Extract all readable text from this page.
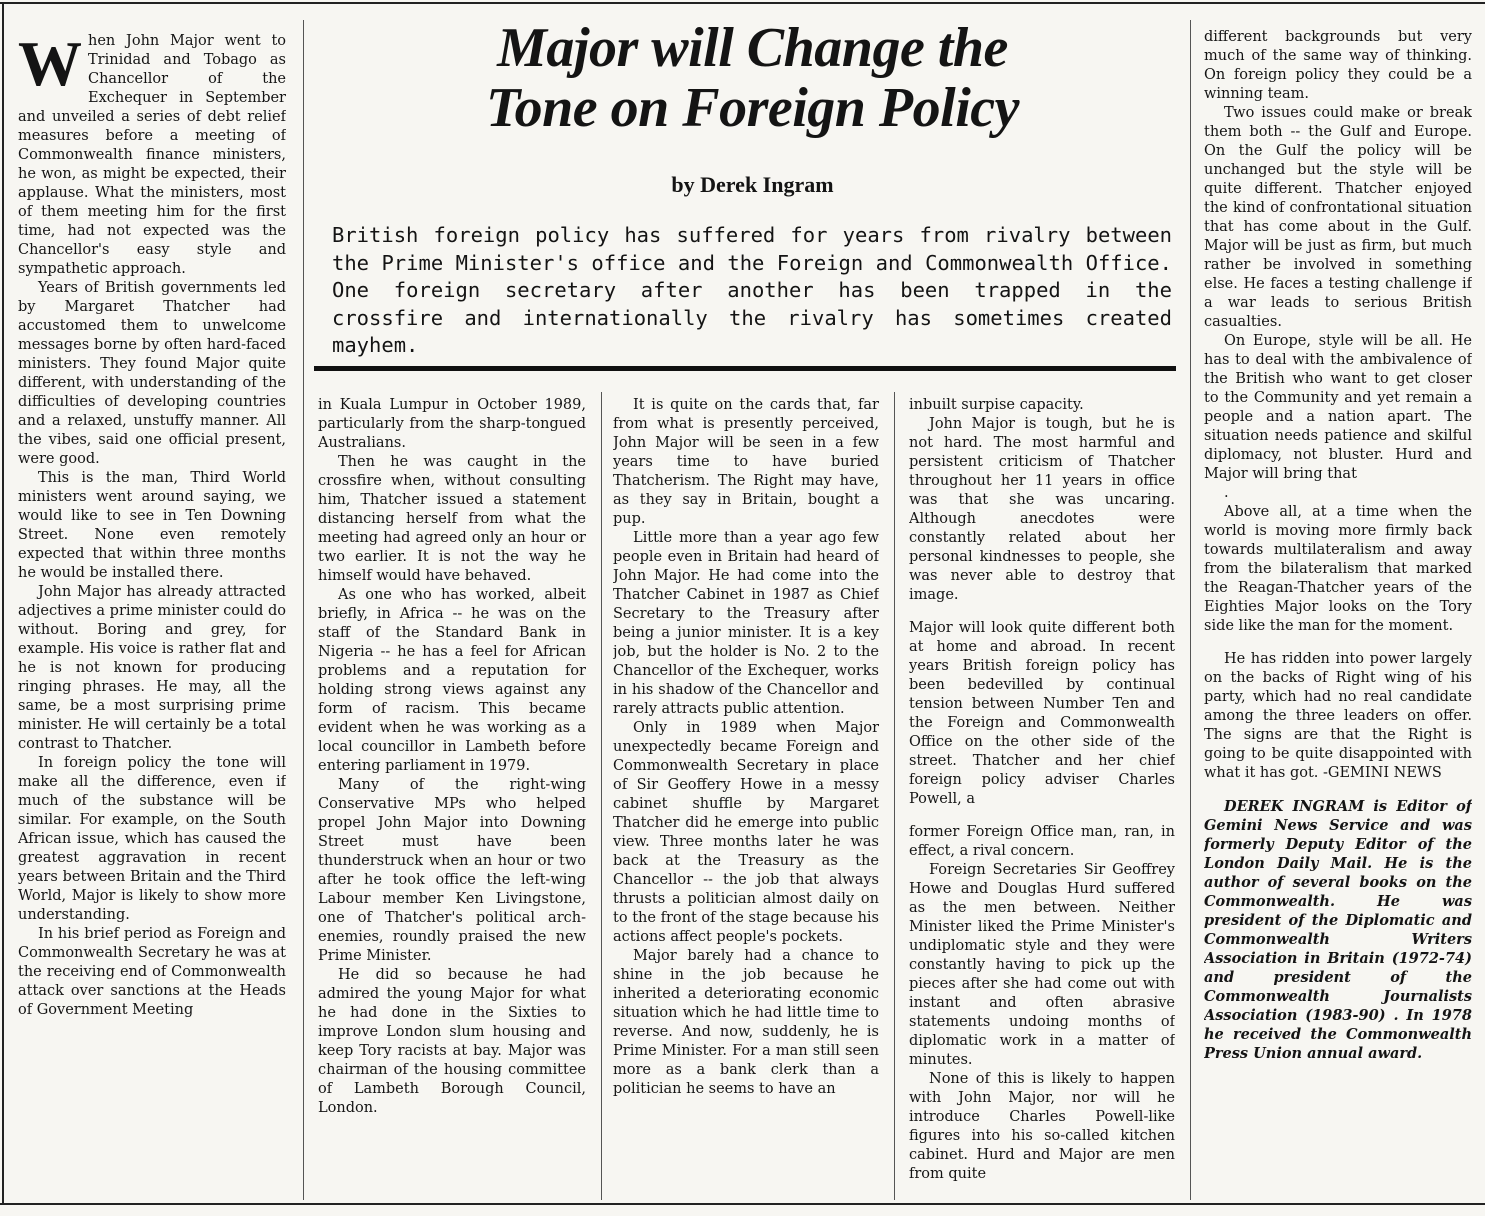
When John Major went to Trinidad and Tobago as Chancellor of the Exchequer in September and unveiled a series of debt relief measures before a meeting of Commonwealth finance ministers, he won, as might be expected, their applause. What the ministers, most of them meeting him for the first time, had not expected was the Chancellor's easy style and sympathetic approach.

Years of British governments led by Margaret Thatcher had accustomed them to unwelcome messages borne by often hard-faced ministers. They found Major quite different, with understanding of the difficulties of developing countries and a relaxed, unstuffy manner. All the vibes, said one official present, were good.

This is the man, Third World ministers went around saying, we would like to see in Ten Downing Street. None even remotely expected that within three months he would be installed there.

John Major has already attracted adjectives a prime minister could do without. Boring and grey, for example. His voice is rather flat and he is not known for producing ringing phrases. He may, all the same, be a most surprising prime minister. He will certainly be a total contrast to Thatcher.

In foreign policy the tone will make all the difference, even if much of the substance will be similar. For example, on the South African issue, which has caused the greatest aggravation in recent years between Britain and the Third World, Major is likely to show more understanding.

In his brief period as Foreign and Commonwealth Secretary he was at the receiving end of Commonwealth attack over sanctions at the Heads of Government Meeting

Major will Change the
Tone on Foreign Policy
by Derek Ingram
British foreign policy has suffered for years from rivalry between the Prime Minister's office and the Foreign and Commonwealth Office. One foreign secretary after another has been trapped in the crossfire and internationally the rivalry has sometimes created mayhem.

in Kuala Lumpur in October 1989, particularly from the sharp-tongued Australians.

Then he was caught in the crossfire when, without consulting him, Thatcher issued a statement distancing herself from what the meeting had agreed only an hour or two earlier. It is not the way he himself would have behaved.

As one who has worked, albeit briefly, in Africa -- he was on the staff of the Standard Bank in Nigeria -- he has a feel for African problems and a reputation for holding strong views against any form of racism. This became evident when he was working as a local councillor in Lambeth before entering parliament in 1979.

Many of the right-wing Conservative MPs who helped propel John Major into Downing Street must have been thunderstruck when an hour or two after he took office the left-wing Labour member Ken Livingstone, one of Thatcher's political arch-enemies, roundly praised the new Prime Minister.

He did so because he had admired the young Major for what he had done in the Sixties to improve London slum housing and keep Tory racists at bay. Major was chairman of the housing committee of Lambeth Borough Council, London.

It is quite on the cards that, far from what is presently perceived, John Major will be seen in a few years time to have buried Thatcherism. The Right may have, as they say in Britain, bought a pup.

Little more than a year ago few people even in Britain had heard of John Major. He had come into the Thatcher Cabinet in 1987 as Chief Secretary to the Treasury after being a junior minister. It is a key job, but the holder is No. 2 to the Chancellor of the Exchequer, works in his shadow of the Chancellor and rarely attracts public attention.

Only in 1989 when Major unexpectedly became Foreign and Commonwealth Secretary in place of Sir Geoffery Howe in a messy cabinet shuffle by Margaret Thatcher did he emerge into public view. Three months later he was back at the Treasury as the Chancellor -- the job that always thrusts a politician almost daily on to the front of the stage because his actions affect people's pockets.

Major barely had a chance to shine in the job because he inherited a deteriorating economic situation which he had little time to reverse. And now, suddenly, he is Prime Minister. For a man still seen more as a bank clerk than a politician he seems to have an

inbuilt surpise capacity.

John Major is tough, but he is not hard. The most harmful and persistent criticism of Thatcher throughout her 11 years in office was that she was uncaring. Although anecdotes were constantly related about her personal kindnesses to people, she was never able to destroy that image.

Major will look quite different both at home and abroad. In recent years British foreign policy has been bedevilled by continual tension between Number Ten and the Foreign and Commonwealth Office on the other side of the street. Thatcher and her chief foreign policy adviser Charles Powell, a

former Foreign Office man, ran, in effect, a rival concern.

Foreign Secretaries Sir Geoffrey Howe and Douglas Hurd suffered as the men between. Neither Minister liked the Prime Minister's undiplomatic style and they were constantly having to pick up the pieces after she had come out with instant and often abrasive statements undoing months of diplomatic work in a matter of minutes.

None of this is likely to happen with John Major, nor will he introduce Charles Powell-like figures into his so-called kitchen cabinet. Hurd and Major are men from quite

different backgrounds but very much of the same way of thinking. On foreign policy they could be a winning team.

Two issues could make or break them both -- the Gulf and Europe. On the Gulf the policy will be unchanged but the style will be quite different. Thatcher enjoyed the kind of confrontational situation that has come about in the Gulf. Major will be just as firm, but much rather be involved in something else. He faces a testing challenge if a war leads to serious British casualties.

On Europe, style will be all. He has to deal with the ambivalence of the British who want to get closer to the Community and yet remain a people and a nation apart. The situation needs patience and skilful diplomacy, not bluster. Hurd and Major will bring that

.

Above all, at a time when the world is moving more firmly back towards multilateralism and away from the bilateralism that marked the Reagan-Thatcher years of the Eighties Major looks on the Tory side like the man for the moment.

He has ridden into power largely on the backs of Right wing of his party, which had no real candidate among the three leaders on offer. The signs are that the Right is going to be quite disappointed with what it has got. -GEMINI NEWS

DEREK INGRAM is Editor of Gemini News Service and was formerly Deputy Editor of the London Daily Mail. He is the author of several books on the Commonwealth. He was president of the Diplomatic and Commonwealth Writers Association in Britain (1972-74) and president of the Commonwealth Journalists Association (1983-90) . In 1978 he received the Commonwealth Press Union annual award.
